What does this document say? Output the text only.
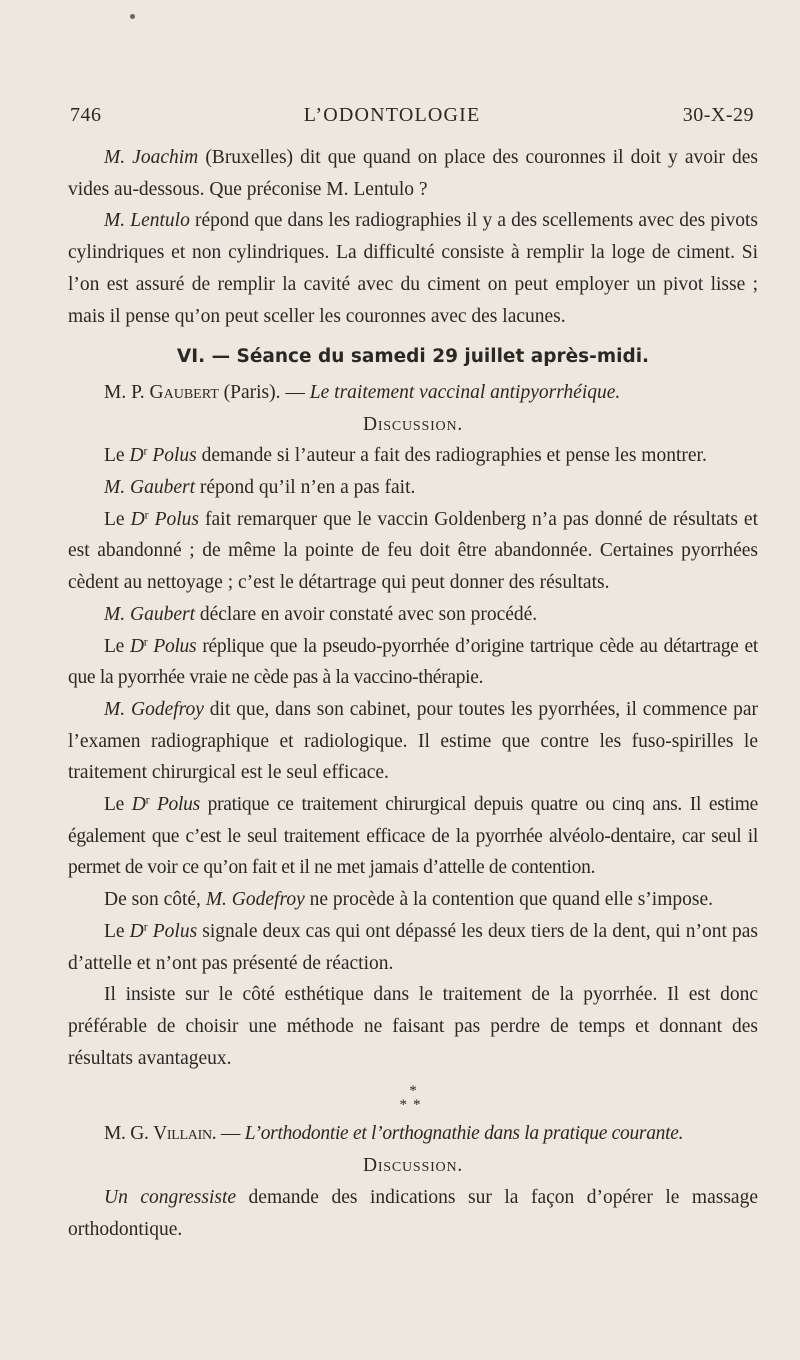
746	L’ODONTOLOGIE	30-X-29

M. Joachim (Bruxelles) dit que quand on place des couronnes il doit y avoir des vides au-dessous. Que préconise M. Lentulo ?

M. Lentulo répond que dans les radiographies il y a des scellements avec des pivots cylindriques et non cylindriques. La difficulté consiste à remplir la loge de ciment. Si l’on est assuré de remplir la cavité avec du ciment on peut employer un pivot lisse ; mais il pense qu’on peut sceller les couronnes avec des lacunes.

VI. — Séance du samedi 29 juillet après-midi.

M. P. Gaubert (Paris). — Le traitement vaccinal antipyorrhéique.

Discussion.

Le $D^r$ Polus demande si l’auteur a fait des radiographies et pense les montrer.

M. Gaubert répond qu’il n’en a pas fait.

Le $D^r$ Polus fait remarquer que le vaccin Goldenberg n’a pas donné de résultats et est abandonné ; de même la pointe de feu doit être abandonnée. Certaines pyorrhées cèdent au nettoyage ; c’est le détartrage qui peut donner des résultats.

M. Gaubert déclare en avoir constaté avec son procédé.

Le $D^r$ Polus réplique que la pseudo-pyorrhée d’origine tartrique cède au détartrage et que la pyorrhée vraie ne cède pas à la vaccino-thérapie.

M. Godefroy dit que, dans son cabinet, pour toutes les pyorrhées, il commence par l’examen radiographique et radiologique. Il estime que contre les fuso-spirilles le traitement chirurgical est le seul efficace.

Le $D^r$ Polus pratique ce traitement chirurgical depuis quatre ou cinq ans. Il estime également que c’est le seul traitement efficace de la pyorrhée alvéolo-dentaire, car seul il permet de voir ce qu’on fait et il ne met jamais d’attelle de contention.

De son côté, M. Godefroy ne procède à la contention que quand elle s’impose.

Le $D^r$ Polus signale deux cas qui ont dépassé les deux tiers de la dent, qui n’ont pas d’attelle et n’ont pas présenté de réaction.

Il insiste sur le côté esthétique dans le traitement de la pyorrhée. Il est donc préférable de choisir une méthode ne faisant pas perdre de temps et donnant des résultats avantageux.

*
**

M. G. Villain. — L’orthodontie et l’orthognathie dans la pratique courante.

Discussion.

Un congressiste demande des indications sur la façon d’opérer le massage orthodontique.
